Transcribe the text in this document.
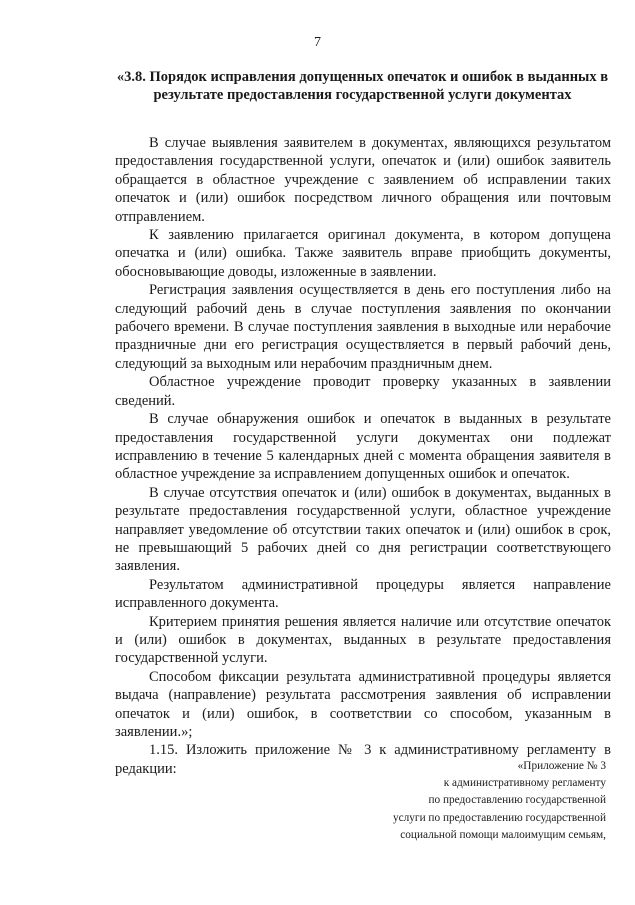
7
«3.8. Порядок исправления допущенных опечаток и ошибок в выданных в результате предоставления государственной услуги документах

В случае выявления заявителем в документах, являющихся результатом предоставления государственной услуги, опечаток и (или) ошибок заявитель обращается в областное учреждение с заявлением об исправлении таких опечаток и (или) ошибок посредством личного обращения или почтовым отправлением.

К заявлению прилагается оригинал документа, в котором допущена опечатка и (или) ошибка. Также заявитель вправе приобщить документы, обосновывающие доводы, изложенные в заявлении.

Регистрация заявления осуществляется в день его поступления либо на следующий рабочий день в случае поступления заявления по окончании рабочего времени. В случае поступления заявления в выходные или нерабочие праздничные дни его регистрация осуществляется в первый рабочий день, следующий за выходным или нерабочим праздничным днем.

Областное учреждение проводит проверку указанных в заявлении сведений.

В случае обнаружения ошибок и опечаток в выданных в результате предоставления государственной услуги документах они подлежат исправлению в течение 5 календарных дней с момента обращения заявителя в областное учреждение за исправлением допущенных ошибок и опечаток.

В случае отсутствия опечаток и (или) ошибок в документах, выданных в результате предоставления государственной услуги, областное учреждение направляет уведомление об отсутствии таких опечаток и (или) ошибок в срок, не превышающий 5 рабочих дней со дня регистрации соответствующего заявления.

Результатом административной процедуры является направление исправленного документа.

Критерием принятия решения является наличие или отсутствие опечаток и (или) ошибок в документах, выданных в результате предоставления государственной услуги.

Способом фиксации результата административной процедуры является выдача (направление) результата рассмотрения заявления об исправлении опечаток и (или) ошибок, в соответствии со способом, указанным в заявлении.»;

1.15. Изложить приложение № 3 к административному регламенту в редакции:	«Приложение № 3
к административному регламенту
по предоставлению государственной
услуги по предоставлению государственной
социальной помощи малоимущим семьям,
